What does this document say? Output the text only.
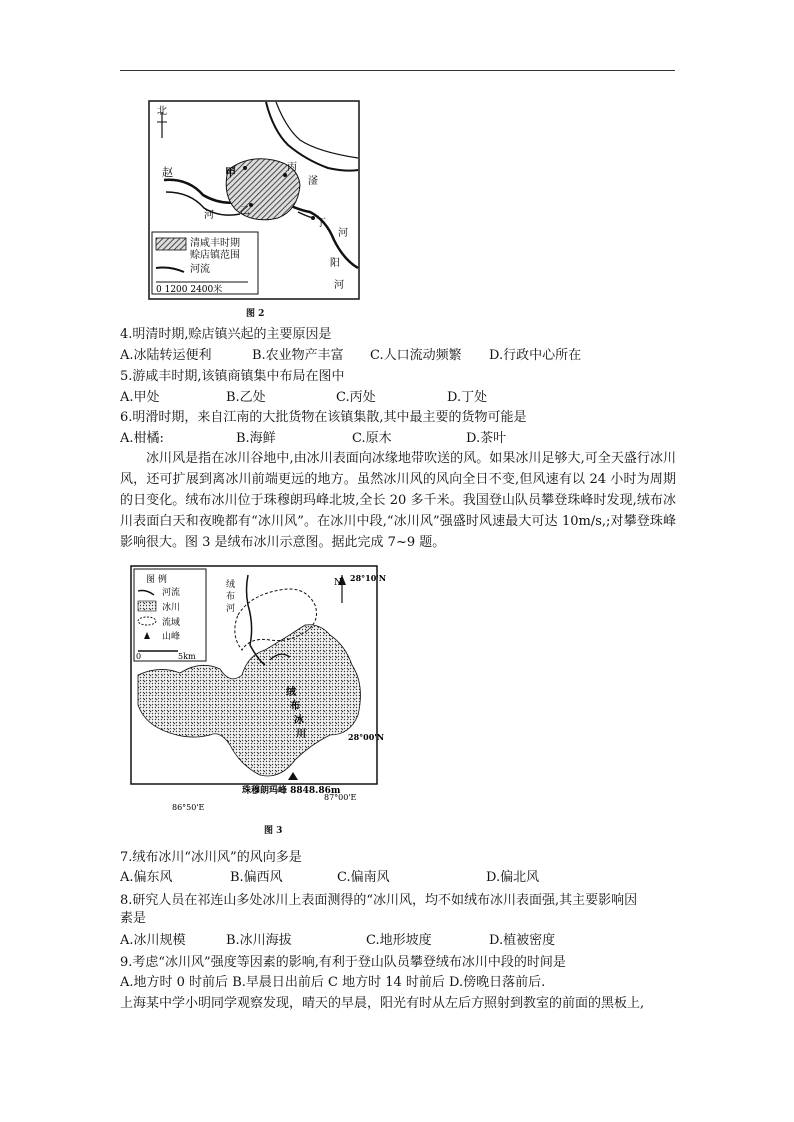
北
赵	甲
乙
丙
丁
河
滏
河
阳
河
清咸丰时期
赊店镇范围
河流
0 1200 2400米
图 2
4.明清时期,赊店镇兴起的主要原因是
A.冰陆转运便利	B.农业物产丰富 C.人口流动频繁 D.行政中心所在
5.游咸丰时期,该镇商镇集中布局在图中
A.甲处	B.乙处	C.丙处	D.丁处
6.明滑时期，来自江南的大批货物在该镇集散,其中最主要的货物可能是
A.柑橘:	B.海鲜	C.原木	D.茶叶
冰川风是指在冰川谷地中,由冰川表面向冰缘地带吹送的风。如果冰川足够大,可全天盛行冰川风，还可扩展到离冰川前端更远的地方。虽然冰川风的风向全日不变,但风速有以 24 小时为周期的日变化。绒布冰川位于珠穆朗玛峰北坡,全长 20 多千米。我国登山队员攀登珠峰时发现,绒布冰川表面白天和夜晚都有“冰川风”。在冰川中段,“冰川风”强盛时风速最大可达 10m/s,;对攀登珠峰影响很大。图 3 是绒布冰川示意图。据此完成 7~9 题。
图 例
河流
冰川
流域
山峰
0	5km
N 28°10'N
28°00'N
珠穆朗玛峰 8848.86m
86°50'E
87°00'E
绒
布
河
绒
布
冰
川
图 3
7.绒布冰川“冰川风”的风向多是
A.偏东风	B.偏西风	C.偏南风	D.偏北风
8.研究人员在祁连山多处冰川上表面测得的“冰川风，均不如绒布冰川表面强,其主要影响因
素是
A.冰川规模	B.冰川海拔	C.地形坡度	D.植被密度
9.考虑“冰川风”强度等因素的影响,有利于登山队员攀登绒布冰川中段的时间是
A.地方时 0 时前后 B.早晨日出前后 C 地方时 14 时前后 D.傍晚日落前后.
上海某中学小明同学观察发现，晴天的早晨，阳光有时从左后方照射到教室的前面的黑板上,
